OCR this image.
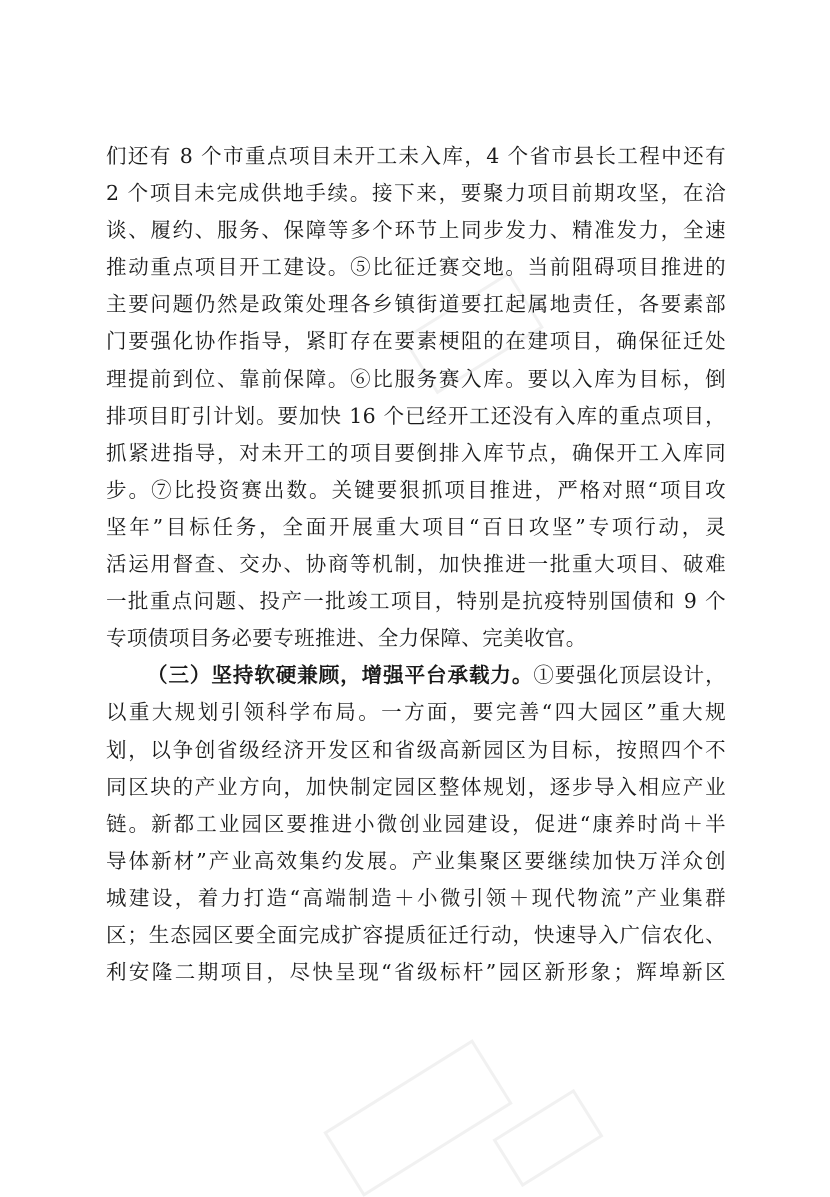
们还有 8 个市重点项目未开工未入库，4 个省市县长工程中还有
2 个项目未完成供地手续。接下来，要聚力项目前期攻坚，在洽
谈、履约、服务、保障等多个环节上同步发力、精准发力，全速
推动重点项目开工建设。⑤比征迁赛交地。当前阻碍项目推进的
主要问题仍然是政策处理各乡镇街道要扛起属地责任，各要素部
门要强化协作指导，紧盯存在要素梗阻的在建项目，确保征迁处
理提前到位、靠前保障。⑥比服务赛入库。要以入库为目标，倒
排项目盯引计划。要加快 16 个已经开工还没有入库的重点项目，
抓紧进指导，对未开工的项目要倒排入库节点，确保开工入库同
步。⑦比投资赛出数。关键要狠抓项目推进，严格对照“项目攻
坚年”目标任务，全面开展重大项目“百日攻坚”专项行动，灵
活运用督查、交办、协商等机制，加快推进一批重大项目、破难
一批重点问题、投产一批竣工项目，特别是抗疫特别国债和 9 个
专项债项目务必要专班推进、全力保障、完美收官。
（三）坚持软硬兼顾，增强平台承载力。①要强化顶层设计，
以重大规划引领科学布局。一方面，要完善“四大园区”重大规
划，以争创省级经济开发区和省级高新园区为目标，按照四个不
同区块的产业方向，加快制定园区整体规划，逐步导入相应产业
链。新都工业园区要推进小微创业园建设，促进“康养时尚＋半
导体新材”产业高效集约发展。产业集聚区要继续加快万洋众创
城建设，着力打造“高端制造＋小微引领＋现代物流”产业集群
区；生态园区要全面完成扩容提质征迁行动，快速导入广信农化、
利安隆二期项目，尽快呈现“省级标杆”园区新形象；辉埠新区
